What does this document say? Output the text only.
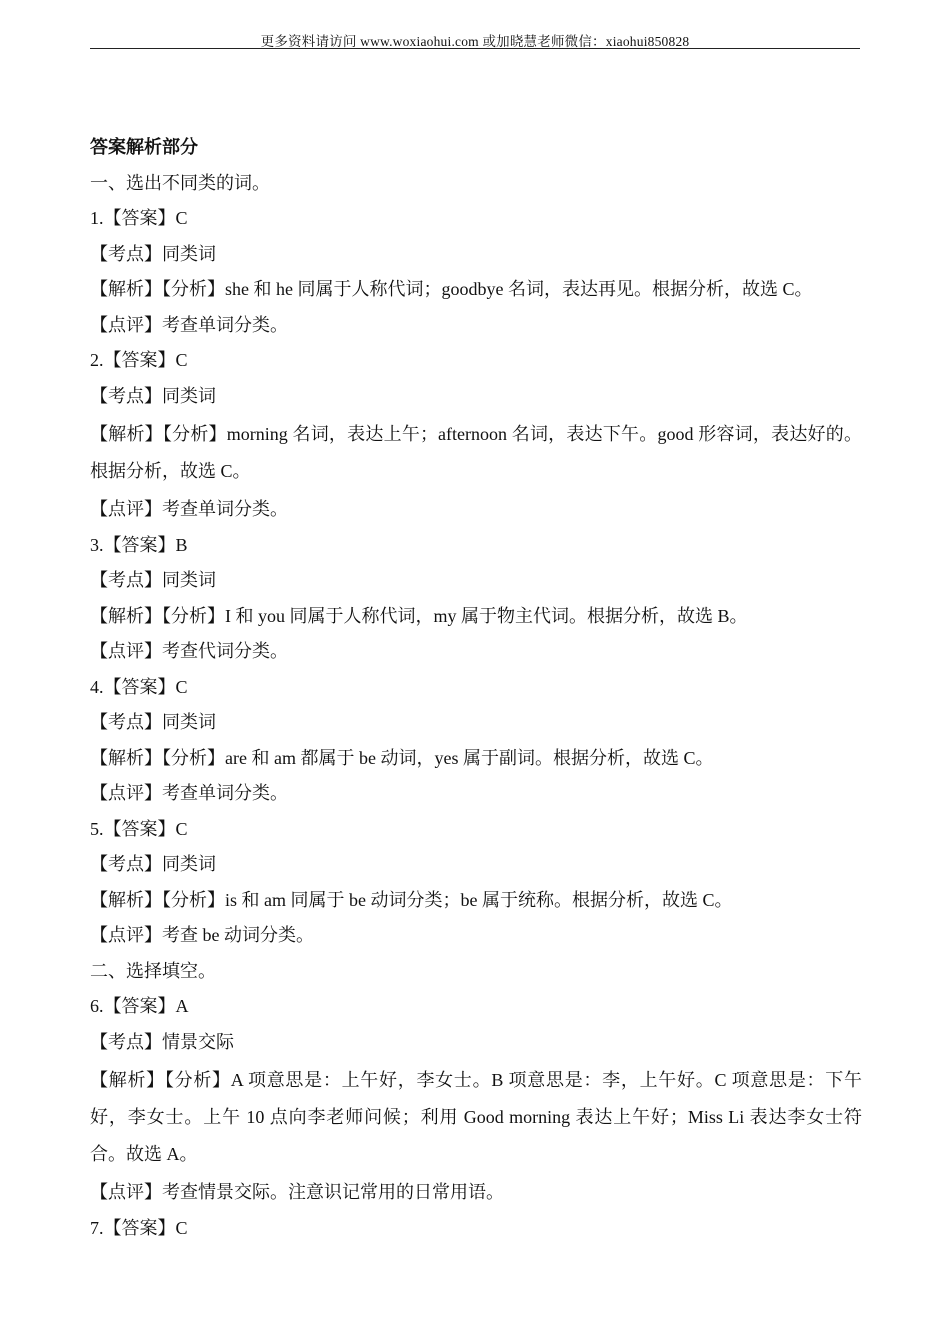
更多资料请访问 www.woxiaohui.com 或加晓慧老师微信：xiaohui850828
答案解析部分
一、选出不同类的词。
1.【答案】C
【考点】同类词
【解析】【分析】she 和 he 同属于人称代词；goodbye 名词，表达再见。根据分析，故选 C。
【点评】考查单词分类。
2.【答案】C
【考点】同类词
【解析】【分析】morning 名词，表达上午；afternoon 名词，表达下午。good 形容词，表达好的。根据分析，故选 C。
【点评】考查单词分类。
3.【答案】B
【考点】同类词
【解析】【分析】I 和 you 同属于人称代词，my 属于物主代词。根据分析，故选 B。
【点评】考查代词分类。
4.【答案】C
【考点】同类词
【解析】【分析】are 和 am 都属于 be 动词，yes 属于副词。根据分析，故选 C。
【点评】考查单词分类。
5.【答案】C
【考点】同类词
【解析】【分析】is 和 am 同属于 be 动词分类；be 属于统称。根据分析，故选 C。
【点评】考查 be 动词分类。
二、选择填空。
6.【答案】A
【考点】情景交际
【解析】【分析】A 项意思是：上午好，李女士。B 项意思是：李，上午好。C 项意思是：下午好，李女士。上午 10 点向李老师问候；利用 Good morning 表达上午好；Miss Li 表达李女士符合。故选 A。
【点评】考查情景交际。注意识记常用的日常用语。
7.【答案】C
